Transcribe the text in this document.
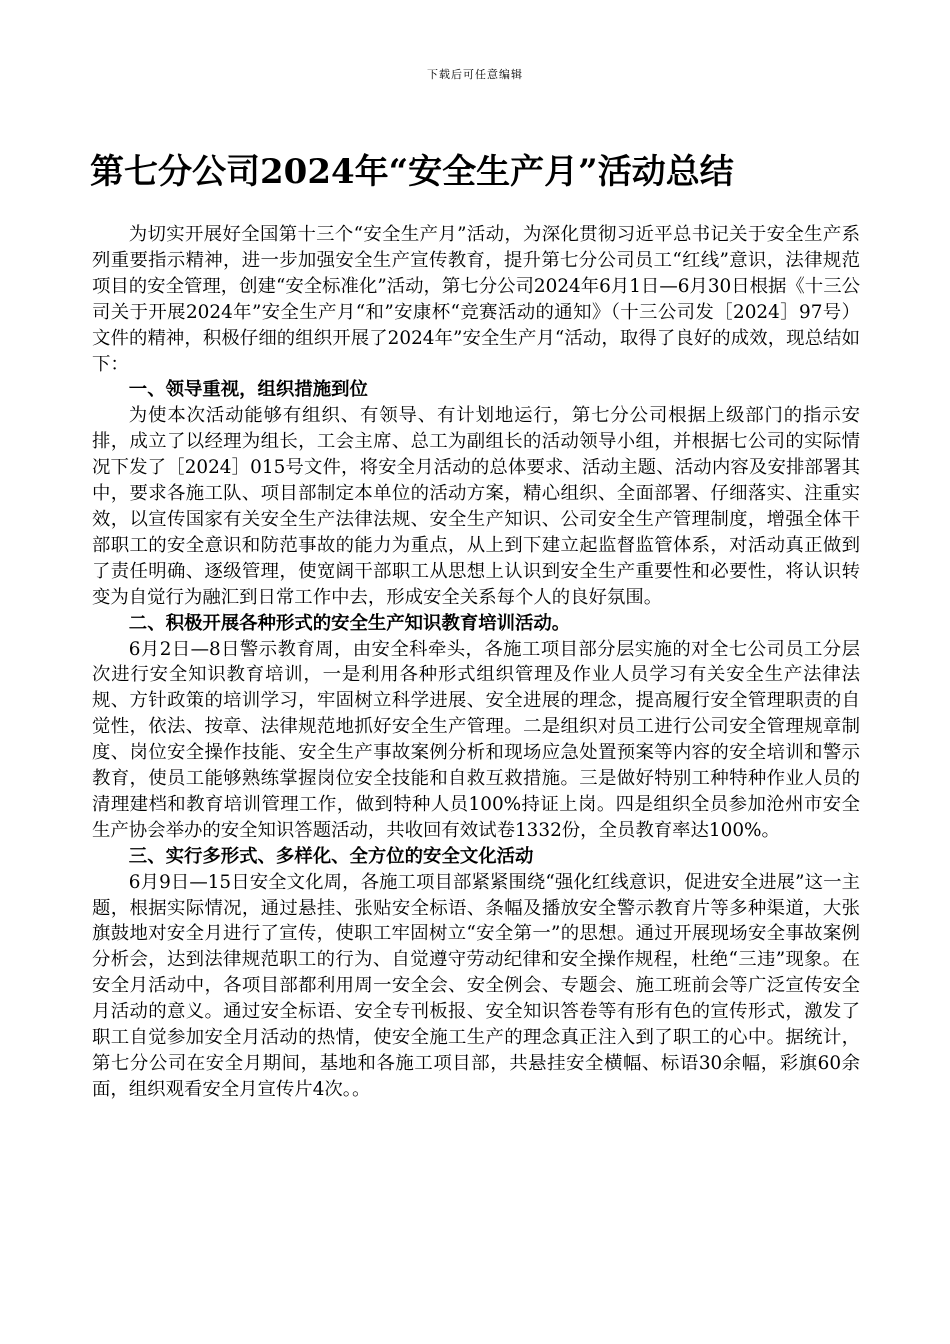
下载后可任意编辑
第七分公司2024年“安全生产月”活动总结

为切实开展好全国第十三个“安全生产月”活动，为深化贯彻习近平总书记关于安全生产系列重要指示精神，进一步加强安全生产宣传教育，提升第七分公司员工“红线”意识，法律规范项目的安全管理，创建“安全标准化”活动，第七分公司2024年6月1日—6月30日根据《十三公司关于开展2024年”安全生产月“和”安康杯“竞赛活动的通知》（十三公司发［2024］97号）文件的精神，积极仔细的组织开展了2024年”安全生产月“活动，取得了良好的成效，现总结如下：

一、领导重视，组织措施到位

为使本次活动能够有组织、有领导、有计划地运行，第七分公司根据上级部门的指示安排，成立了以经理为组长，工会主席、总工为副组长的活动领导小组，并根据七公司的实际情况下发了［2024］015号文件，将安全月活动的总体要求、活动主题、活动内容及安排部署其中，要求各施工队、项目部制定本单位的活动方案，精心组织、全面部署、仔细落实、注重实效，以宣传国家有关安全生产法律法规、安全生产知识、公司安全生产管理制度，增强全体干部职工的安全意识和防范事故的能力为重点，从上到下建立起监督监管体系，对活动真正做到了责任明确、逐级管理，使宽阔干部职工从思想上认识到安全生产重要性和必要性，将认识转变为自觉行为融汇到日常工作中去，形成安全关系每个人的良好氛围。

二、积极开展各种形式的安全生产知识教育培训活动。

6月2日—8日警示教育周，由安全科牵头，各施工项目部分层实施的对全七公司员工分层次进行安全知识教育培训，一是利用各种形式组织管理及作业人员学习有关安全生产法律法规、方针政策的培训学习，牢固树立科学进展、安全进展的理念，提高履行安全管理职责的自觉性，依法、按章、法律规范地抓好安全生产管理。二是组织对员工进行公司安全管理规章制度、岗位安全操作技能、安全生产事故案例分析和现场应急处置预案等内容的安全培训和警示教育，使员工能够熟练掌握岗位安全技能和自救互救措施。三是做好特别工种特种作业人员的清理建档和教育培训管理工作，做到特种人员100%持证上岗。四是组织全员参加沧州市安全生产协会举办的安全知识答题活动，共收回有效试卷1332份，全员教育率达100%。

三、实行多形式、多样化、全方位的安全文化活动

6月9日—15日安全文化周，各施工项目部紧紧围绕“强化红线意识，促进安全进展”这一主题，根据实际情况，通过悬挂、张贴安全标语、条幅及播放安全警示教育片等多种渠道，大张旗鼓地对安全月进行了宣传，使职工牢固树立“安全第一”的思想。通过开展现场安全事故案例分析会，达到法律规范职工的行为、自觉遵守劳动纪律和安全操作规程，杜绝“三违”现象。在安全月活动中，各项目部都利用周一安全会、安全例会、专题会、施工班前会等广泛宣传安全月活动的意义。通过安全标语、安全专刊板报、安全知识答卷等有形有色的宣传形式，激发了职工自觉参加安全月活动的热情，使安全施工生产的理念真正注入到了职工的心中。据统计，第七分公司在安全月期间，基地和各施工项目部，共悬挂安全横幅、标语30余幅，彩旗60余面，组织观看安全月宣传片4次。。
